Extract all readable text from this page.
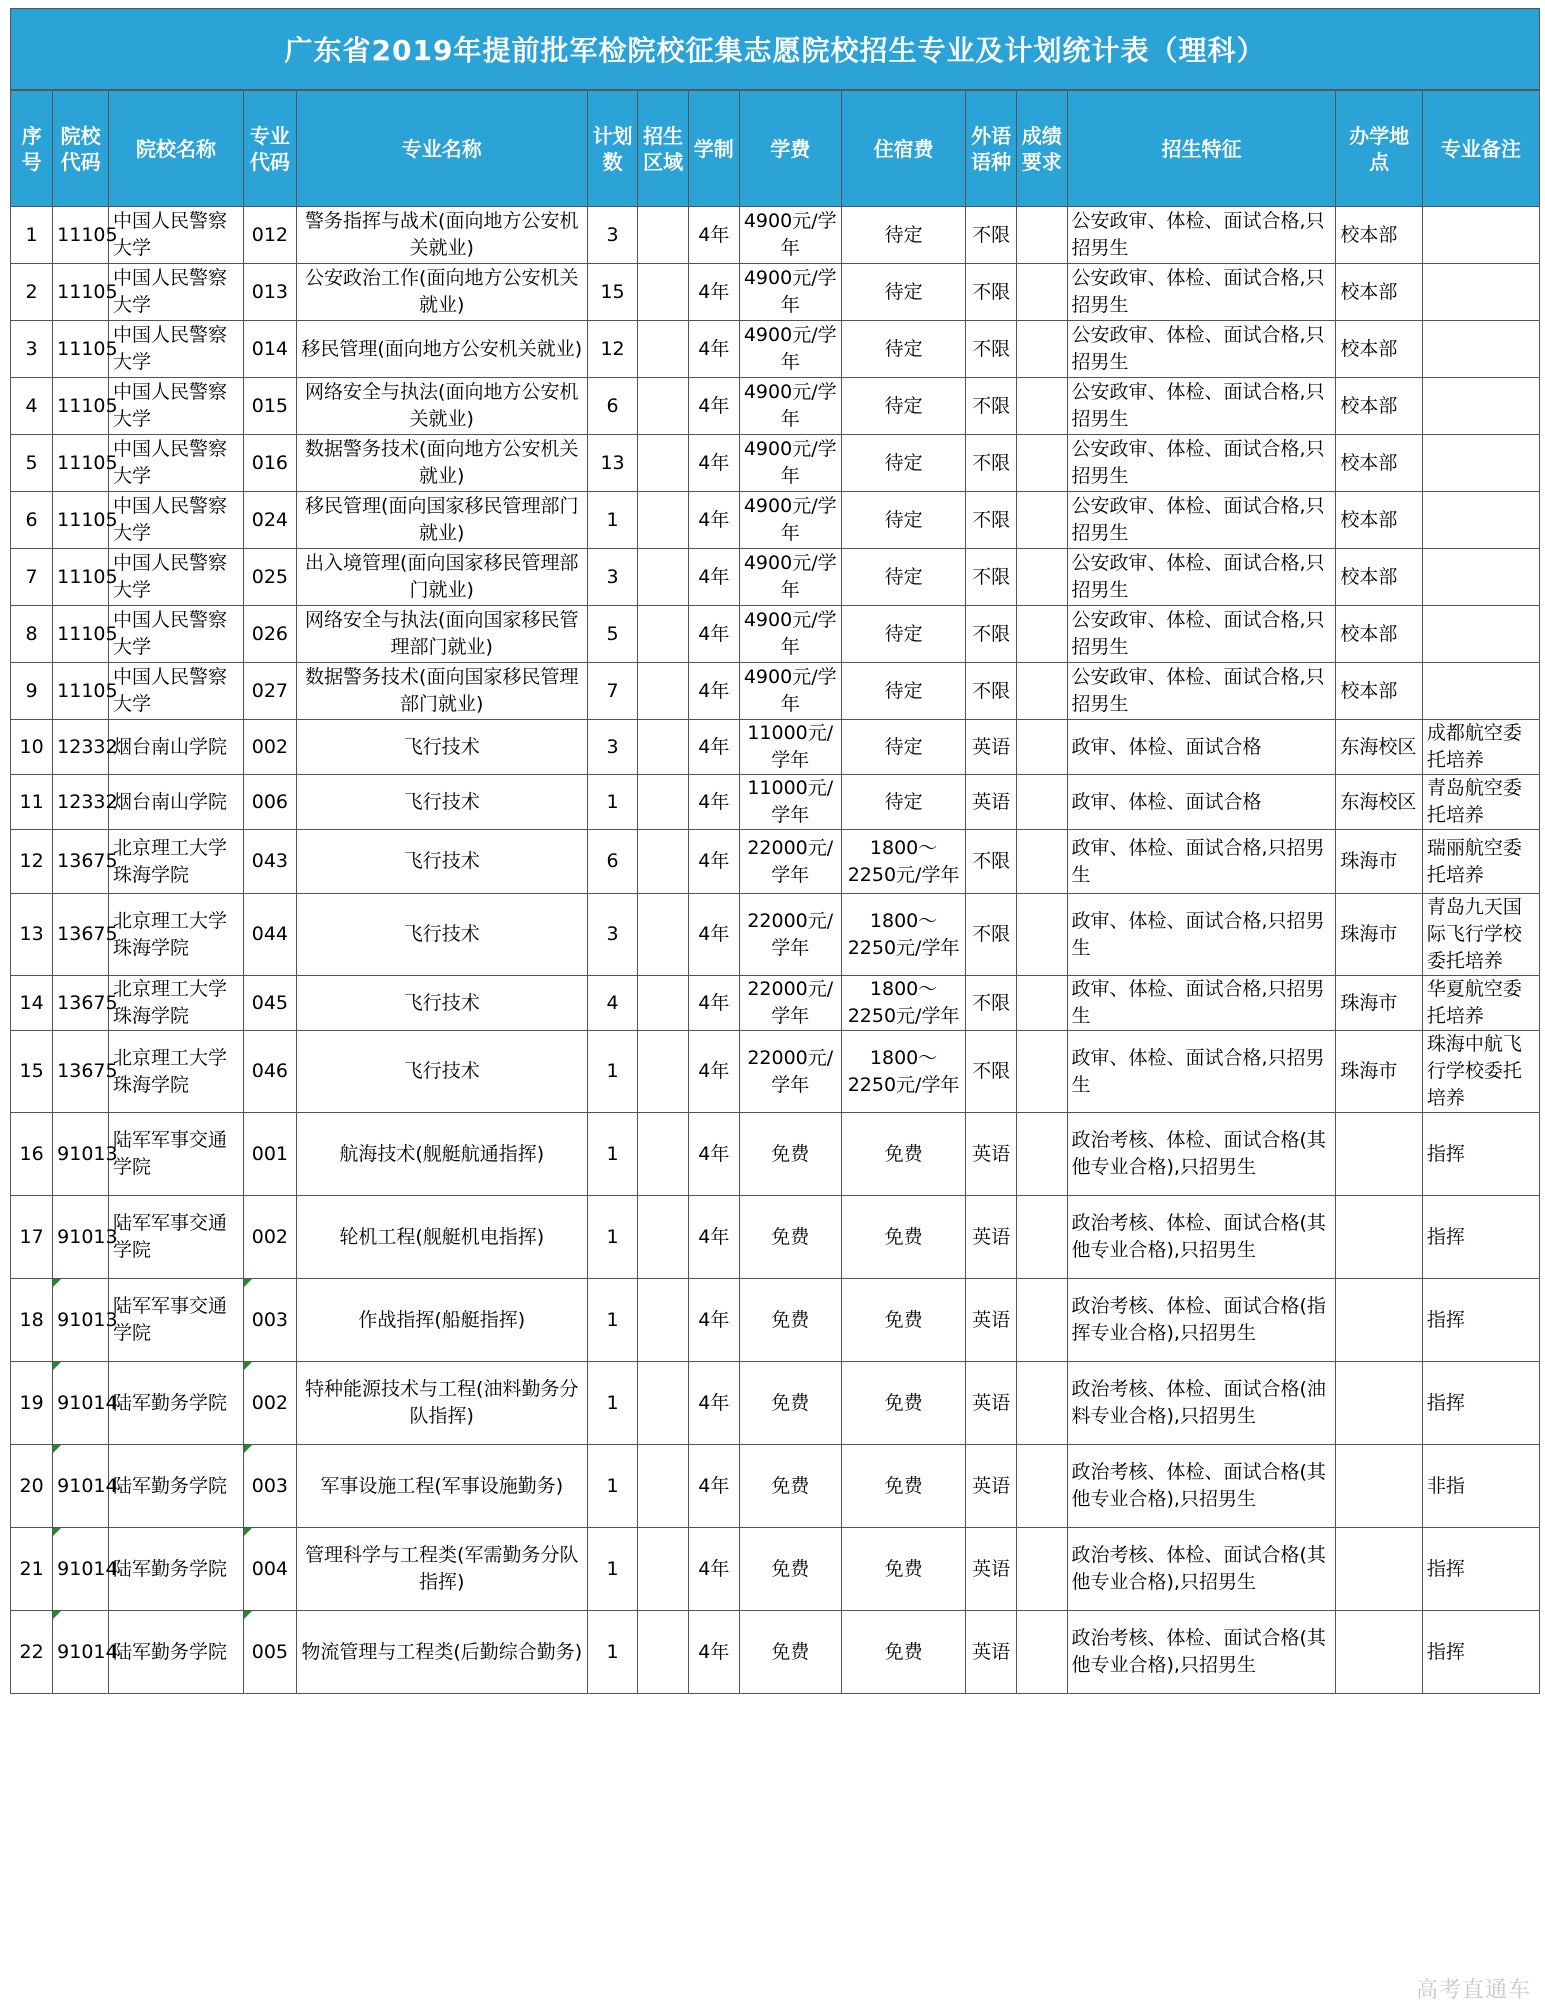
广东省2019年提前批军检院校征集志愿院校招生专业及计划统计表（理科）
序号	院校代码	院校名称	专业代码	专业名称	计划数	招生区域	学制	学费	住宿费	外语语种	成绩要求	招生特征	办学地点	专业备注
1	11105	中国人民警察大学	012	警务指挥与战术(面向地方公安机关就业)	3		4年	4900元/学年	待定	不限		公安政审、体检、面试合格,只招男生	校本部	
2	11105	中国人民警察大学	013	公安政治工作(面向地方公安机关就业)	15		4年	4900元/学年	待定	不限		公安政审、体检、面试合格,只招男生	校本部	
3	11105	中国人民警察大学	014	移民管理(面向地方公安机关就业)	12		4年	4900元/学年	待定	不限		公安政审、体检、面试合格,只招男生	校本部	
4	11105	中国人民警察大学	015	网络安全与执法(面向地方公安机关就业)	6		4年	4900元/学年	待定	不限		公安政审、体检、面试合格,只招男生	校本部	
5	11105	中国人民警察大学	016	数据警务技术(面向地方公安机关就业)	13		4年	4900元/学年	待定	不限		公安政审、体检、面试合格,只招男生	校本部	
6	11105	中国人民警察大学	024	移民管理(面向国家移民管理部门就业)	1		4年	4900元/学年	待定	不限		公安政审、体检、面试合格,只招男生	校本部	
7	11105	中国人民警察大学	025	出入境管理(面向国家移民管理部门就业)	3		4年	4900元/学年	待定	不限		公安政审、体检、面试合格,只招男生	校本部	
8	11105	中国人民警察大学	026	网络安全与执法(面向国家移民管理部门就业)	5		4年	4900元/学年	待定	不限		公安政审、体检、面试合格,只招男生	校本部	
9	11105	中国人民警察大学	027	数据警务技术(面向国家移民管理部门就业)	7		4年	4900元/学年	待定	不限		公安政审、体检、面试合格,只招男生	校本部	
10	12332	烟台南山学院	002	飞行技术	3		4年	11000元/学年	待定	英语		政审、体检、面试合格	东海校区	成都航空委托培养
11	12332	烟台南山学院	006	飞行技术	1		4年	11000元/学年	待定	英语		政审、体检、面试合格	东海校区	青岛航空委托培养
12	13675	北京理工大学珠海学院	043	飞行技术	6		4年	22000元/学年	1800～2250元/学年	不限		政审、体检、面试合格,只招男生	珠海市	瑞丽航空委托培养
13	13675	北京理工大学珠海学院	044	飞行技术	3		4年	22000元/学年	1800～2250元/学年	不限		政审、体检、面试合格,只招男生	珠海市	青岛九天国际飞行学校委托培养
14	13675	北京理工大学珠海学院	045	飞行技术	4		4年	22000元/学年	1800～2250元/学年	不限		政审、体检、面试合格,只招男生	珠海市	华夏航空委托培养
15	13675	北京理工大学珠海学院	046	飞行技术	1		4年	22000元/学年	1800～2250元/学年	不限		政审、体检、面试合格,只招男生	珠海市	珠海中航飞行学校委托培养
16	91013	陆军军事交通学院	001	航海技术(舰艇航通指挥)	1		4年	免费	免费	英语		政治考核、体检、面试合格(其他专业合格),只招男生		指挥
17	91013	陆军军事交通学院	002	轮机工程(舰艇机电指挥)	1		4年	免费	免费	英语		政治考核、体检、面试合格(其他专业合格),只招男生		指挥
18	91013	陆军军事交通学院	003	作战指挥(船艇指挥)	1		4年	免费	免费	英语		政治考核、体检、面试合格(指挥专业合格),只招男生		指挥
19	91014	陆军勤务学院	002	特种能源技术与工程(油料勤务分队指挥)	1		4年	免费	免费	英语		政治考核、体检、面试合格(油料专业合格),只招男生		指挥
20	91014	陆军勤务学院	003	军事设施工程(军事设施勤务)	1		4年	免费	免费	英语		政治考核、体检、面试合格(其他专业合格),只招男生		非指
21	91014	陆军勤务学院	004	管理科学与工程类(军需勤务分队指挥)	1		4年	免费	免费	英语		政治考核、体检、面试合格(其他专业合格),只招男生		指挥
22	91014	陆军勤务学院	005	物流管理与工程类(后勤综合勤务)	1		4年	免费	免费	英语		政治考核、体检、面试合格(其他专业合格),只招男生		指挥
高考直通车
